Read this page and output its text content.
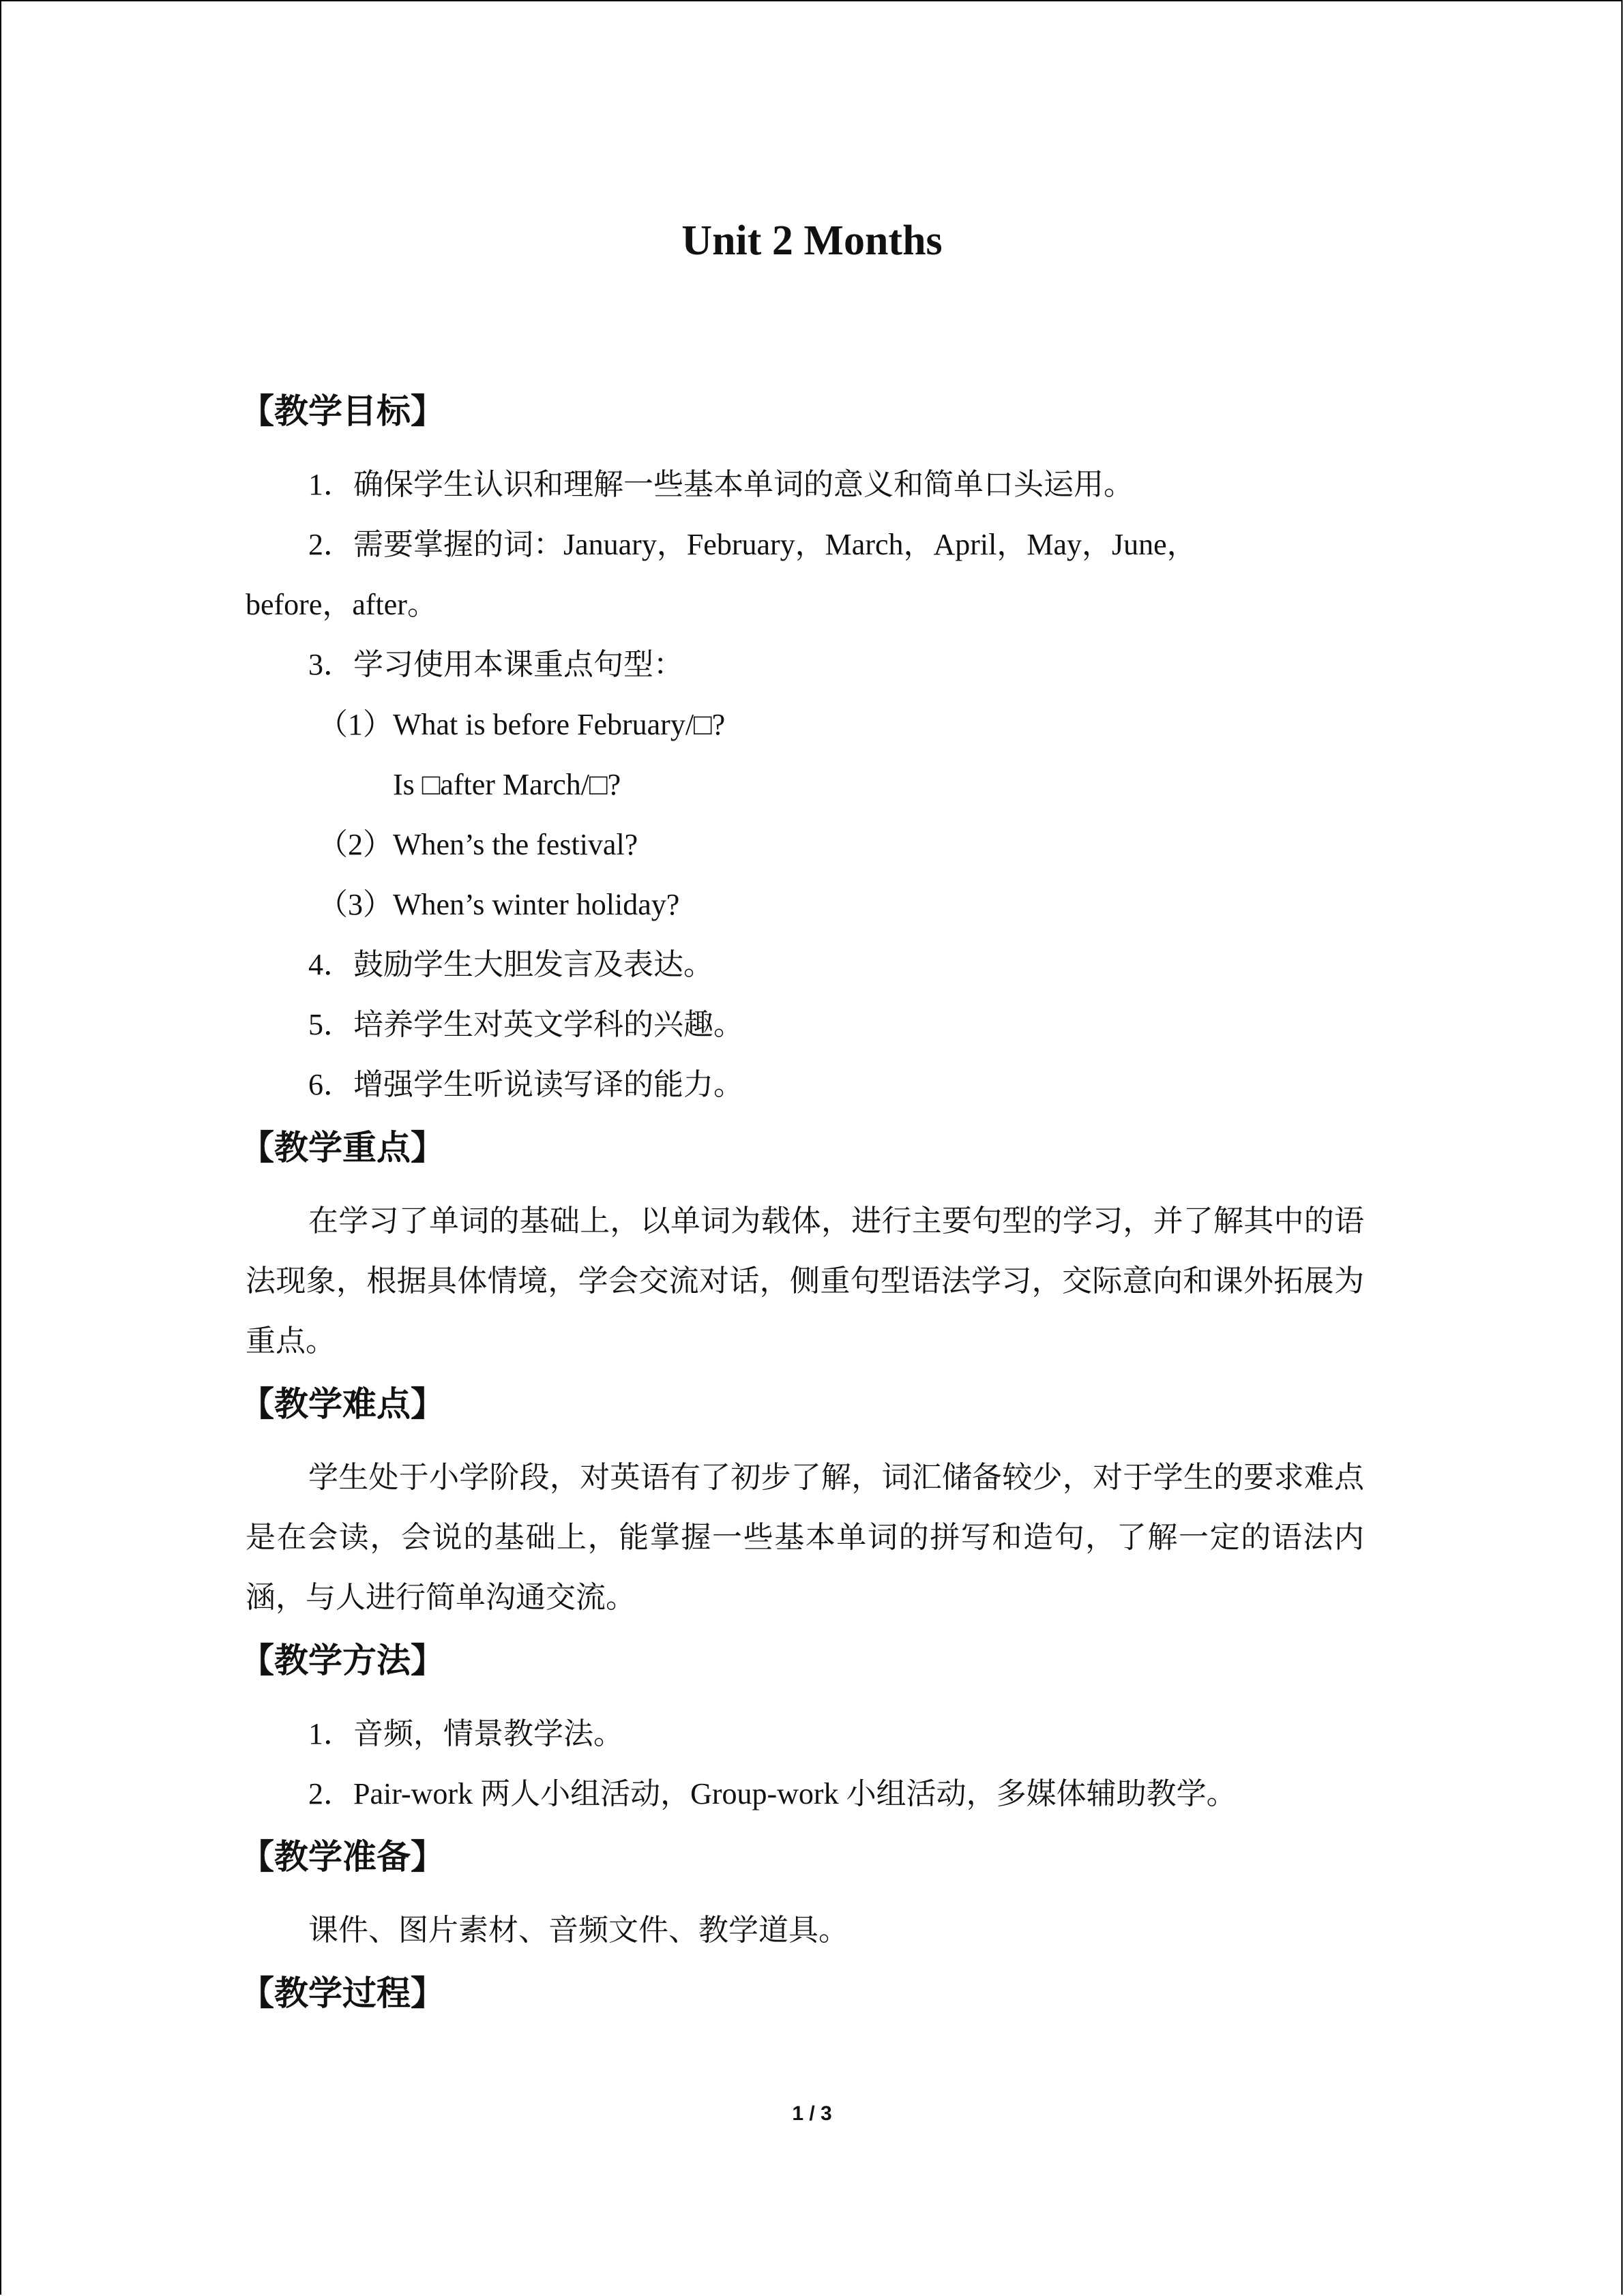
Unit 2 Months
【教学目标】
1．确保学生认识和理解一些基本单词的意义和简单口头运用。
2．需要掌握的词：January，February，March，April，May，June，
before，after。
3．学习使用本课重点句型：
（1）What is before February/□?
Is □after March/□?
（2）When’s the festival?
（3）When’s winter holiday?
4．鼓励学生大胆发言及表达。
5．培养学生对英文学科的兴趣。
6．增强学生听说读写译的能力。
【教学重点】
在学习了单词的基础上，以单词为载体，进行主要句型的学习，并了解其中的语法现象，根据具体情境，学会交流对话，侧重句型语法学习，交际意向和课外拓展为重点。
【教学难点】
学生处于小学阶段，对英语有了初步了解，词汇储备较少，对于学生的要求难点是在会读，会说的基础上，能掌握一些基本单词的拼写和造句，了解一定的语法内涵，与人进行简单沟通交流。
【教学方法】
1．音频，情景教学法。
2．Pair-work 两人小组活动，Group-work 小组活动，多媒体辅助教学。
【教学准备】
课件、图片素材、音频文件、教学道具。
【教学过程】
1 / 3
